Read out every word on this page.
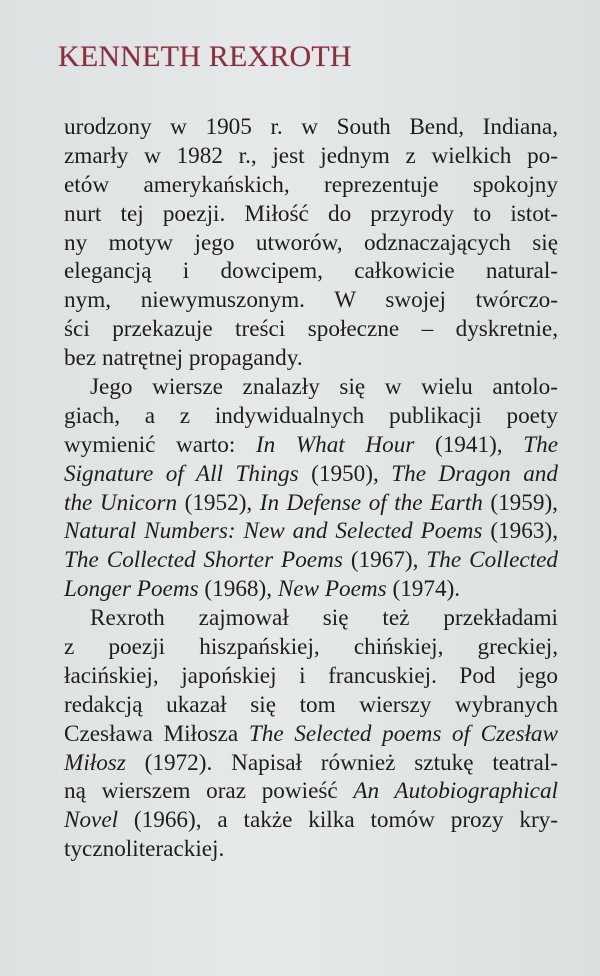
KENNETH REXROTH
urodzony w 1905 r. w South Bend, Indiana,
zmarły w 1982 r., jest jednym z wielkich po-
etów amerykańskich, reprezentuje spokojny
nurt tej poezji. Miłość do przyrody to istot-
ny motyw jego utworów, odznaczających się
elegancją i dowcipem, całkowicie natural-
nym, niewymuszonym. W swojej twórczo-
ści przekazuje treści społeczne – dyskretnie,
bez natrętnej propagandy.
Jego wiersze znalazły się w wielu antolo-
giach, a z indywidualnych publikacji poety
wymienić warto: In What Hour (1941), The
Signature of All Things (1950), The Dragon and
the Unicorn (1952), In Defense of the Earth (1959),
Natural Numbers: New and Selected Poems (1963),
The Collected Shorter Poems (1967), The Collected
Longer Poems (1968), New Poems (1974).
Rexroth zajmował się też przekładami
z poezji hiszpańskiej, chińskiej, greckiej,
łacińskiej, japońskiej i francuskiej. Pod jego
redakcją ukazał się tom wierszy wybranych
Czesława Miłosza The Selected poems of Czesław
Miłosz (1972). Napisał również sztukę teatral-
ną wierszem oraz powieść An Autobiographical
Novel (1966), a także kilka tomów prozy kry-
tycznoliterackiej.
